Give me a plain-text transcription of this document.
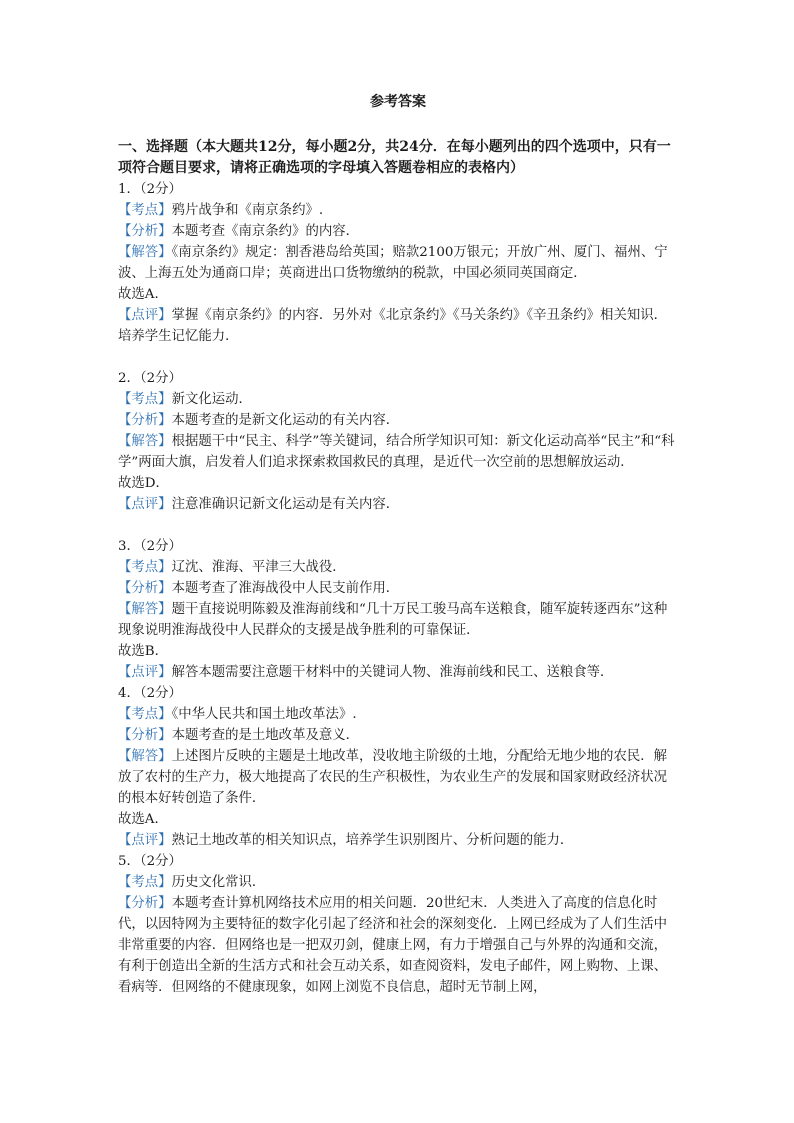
参考答案
一、选择题（本大题共12分，每小题2分，共24分．在每小题列出的四个选项中，只有一项符合题目要求，请将正确选项的字母填入答题卷相应的表格内）
1．（2分）
【考点】鸦片战争和《南京条约》.
【分析】本题考查《南京条约》的内容．
【解答】《南京条约》规定：割香港岛给英国；赔款2100万银元；开放广州、厦门、福州、宁波、上海五处为通商口岸；英商进出口货物缴纳的税款，中国必须同英国商定．
故选A．
【点评】掌握《南京条约》的内容．另外对《北京条约》《马关条约》《辛丑条约》相关知识．培养学生记忆能力．
2．（2分）
【考点】新文化运动．
【分析】本题考查的是新文化运动的有关内容．
【解答】根据题干中“民主、科学”等关键词，结合所学知识可知：新文化运动高举“民主”和“科学”两面大旗，启发着人们追求探索救国救民的真理，是近代一次空前的思想解放运动．
故选D．
【点评】注意准确识记新文化运动是有关内容．
3．（2分）
【考点】辽沈、淮海、平津三大战役．
【分析】本题考查了淮海战役中人民支前作用．
【解答】题干直接说明陈毅及淮海前线和“几十万民工骏马高车送粮食，随军旋转逐西东”这种现象说明淮海战役中人民群众的支援是战争胜利的可靠保证．
故选B．
【点评】解答本题需要注意题干材料中的关键词人物、淮海前线和民工、送粮食等．
4．（2分）
【考点】《中华人民共和国土地改革法》.
【分析】本题考查的是土地改革及意义．
【解答】上述图片反映的主题是土地改革，没收地主阶级的土地，分配给无地少地的农民．解放了农村的生产力，极大地提高了农民的生产积极性，为农业生产的发展和国家财政经济状况的根本好转创造了条件．
故选A．
【点评】熟记土地改革的相关知识点，培养学生识别图片、分析问题的能力．
5．（2分）
【考点】历史文化常识．
【分析】本题考查计算机网络技术应用的相关问题．20世纪末．人类进入了高度的信息化时代，以因特网为主要特征的数字化引起了经济和社会的深刻变化．上网已经成为了人们生活中非常重要的内容．但网络也是一把双刃剑，健康上网，有力于增强自己与外界的沟通和交流，有利于创造出全新的生活方式和社会互动关系，如查阅资料，发电子邮件，网上购物、上课、看病等．但网络的不健康现象，如网上浏览不良信息，超时无节制上网，
